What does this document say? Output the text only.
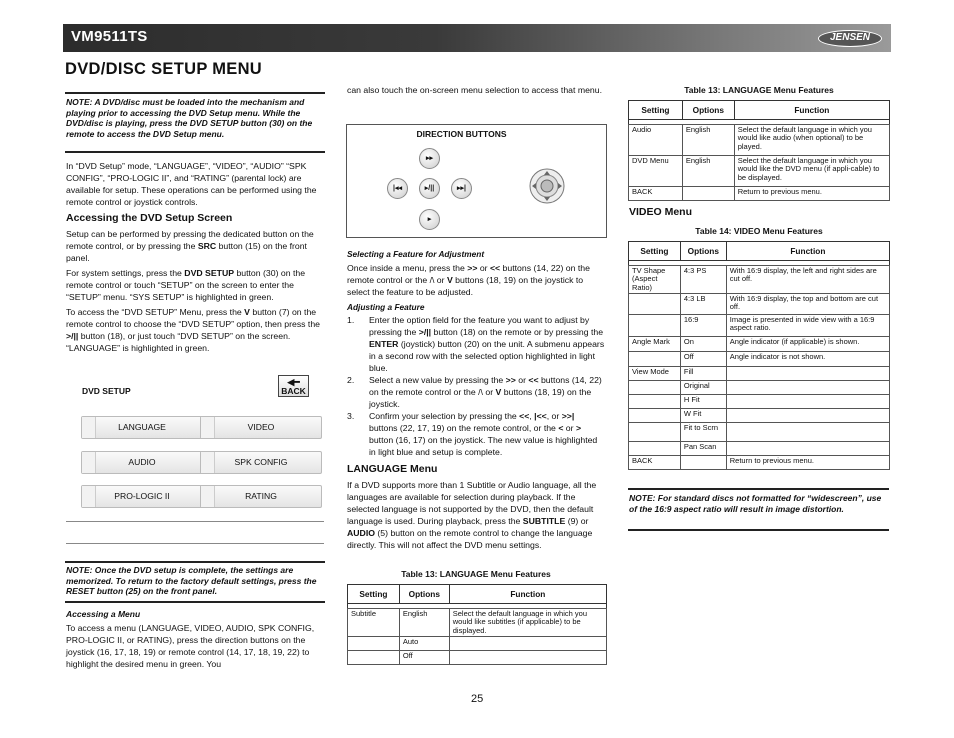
VM9511TS	JENSEN
DVD/DISC SETUP MENU
NOTE: A DVD/disc must be loaded into the mechanism and playing prior to accessing the DVD Setup menu. While the DVD/disc is playing, press the DVD SETUP button (30) on the remote to access the DVD Setup menu.
In “DVD Setup” mode, “LANGUAGE”, “VIDEO”, “AUDIO” “SPK CONFIG”, “PRO-LOGIC II”, and “RATING” (parental lock) are available for setup. These operations can be performed using the remote control or joystick controls.
Accessing the DVD Setup Screen
Setup can be performed by pressing the dedicated button on the remote control, or by pressing the SRC button (15) on the front panel.
For system settings, press the DVD SETUP button (30) on the remote control or touch “SETUP” on the screen to enter the “SETUP” menu. “SYS SETUP” is highlighted in green.
To access the “DVD SETUP” Menu, press the V button (7) on the remote control to choose the “DVD SETUP” option, then press the >/|| button (18), or just touch “DVD SETUP” on the screen. “LANGUAGE” is highlighted in green.
DVD SETUP
◀━
BACK
LANGUAGE	VIDEO
AUDIO	SPK CONFIG
PRO-LOGIC II	RATING
NOTE: Once the DVD setup is complete, the settings are memorized. To return to the factory default settings, press the RESET button (25) on the front panel.
Accessing a Menu
To access a menu (LANGUAGE, VIDEO, AUDIO, SPK CONFIG, PRO-LOGIC II, or RATING), press the direction buttons on the joystick (16, 17, 18, 19) or remote control (14, 17, 18, 19, 22) to highlight the desired menu in green. You
can also touch the on-screen menu selection to access that menu.
DIRECTION BUTTONS
▸▸
|◂◂	▸/||	▸▸|
▸
Selecting a Feature for Adjustment
Once inside a menu, press the >> or << buttons (14, 22) on the remote control or the /\ or V buttons (18, 19) on the joystick to select the feature to be adjusted.
Adjusting a Feature
1. Enter the option field for the feature you want to adjust by pressing the >/|| button (18) on the remote or by pressing the ENTER (joystick) button (20) on the unit. A submenu appears in a second row with the selected option highlighted in light blue.
2. Select a new value by pressing the >> or << buttons (14, 22) on the remote control or the /\ or V buttons (18, 19) on the joystick.
3. Confirm your selection by pressing the <<, |<<, or >>| buttons (22, 17, 19) on the remote control, or the < or > button (16, 17) on the joystick. The new value is highlighted in light blue and setup is complete.
LANGUAGE Menu
If a DVD supports more than 1 Subtitle or Audio language, all the languages are available for selection during playback. If the selected language is not supported by the DVD, then the default language is used. During playback, press the SUBTITLE (9) or AUDIO (5) button on the remote control to change the language directly. This will not affect the DVD menu settings.
Table 13: LANGUAGE Menu Features
Setting	Options	Function

Subtitle	English	Select the default language in which you would like subtitles (if applicable) to be displayed.
	Auto	
	Off	
Table 13: LANGUAGE Menu Features
Setting	Options	Function

Audio	English	Select the default language in which you would like audio (when optional) to be played.
DVD Menu	English	Select the default language in which you would like the DVD menu (if appli-cable) to be displayed.
BACK		Return to previous menu.
VIDEO Menu
Table 14: VIDEO Menu Features
Setting	Options	Function

TV Shape (Aspect Ratio)	4:3 PS	With 16:9 display, the left and right sides are cut off.
	4:3 LB	With 16:9 display, the top and bottom are cut off.
	16:9	Image is presented in wide view with a 16:9 aspect ratio.
Angle Mark	On	Angle indicator (if applicable) is shown.
	Off	Angle indicator is not shown.
View Mode	Fill	
	Original	
	H Fit	
	W Fit	
	Fit to Scrn	
	Pan Scan	
BACK		Return to previous menu.
NOTE: For standard discs not formatted for “widescreen”, use of the 16:9 aspect ratio will result in image distortion.
25
